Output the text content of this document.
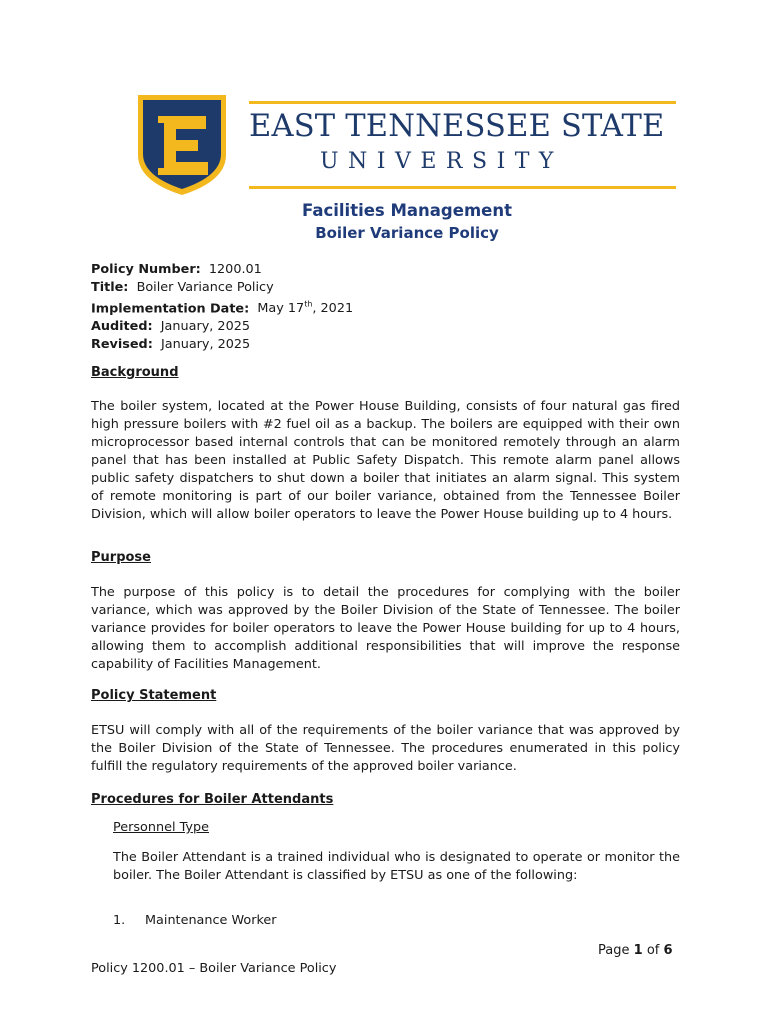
EAST TENNESSEE STATE
UNIVERSITY
Facilities Management
Boiler Variance Policy
Policy Number: 1200.01
Title: Boiler Variance Policy
Implementation Date: May 17th, 2021
Audited: January, 2025
Revised: January, 2025
Background

The boiler system, located at the Power House Building, consists of four natural gas fired high pressure boilers with #2 fuel oil as a backup. The boilers are equipped with their own microprocessor based internal controls that can be monitored remotely through an alarm panel that has been installed at Public Safety Dispatch. This remote alarm panel allows public safety dispatchers to shut down a boiler that initiates an alarm signal. This system of remote monitoring is part of our boiler variance, obtained from the Tennessee Boiler Division, which will allow boiler operators to leave the Power House building up to 4 hours.

Purpose

The purpose of this policy is to detail the procedures for complying with the boiler variance, which was approved by the Boiler Division of the State of Tennessee. The boiler variance provides for boiler operators to leave the Power House building for up to 4 hours, allowing them to accomplish additional responsibilities that will improve the response capability of Facilities Management.

Policy Statement

ETSU will comply with all of the requirements of the boiler variance that was approved by the Boiler Division of the State of Tennessee. The procedures enumerated in this policy fulfill the regulatory requirements of the approved boiler variance.

Procedures for Boiler Attendants
Personnel Type

The Boiler Attendant is a trained individual who is designated to operate or monitor the boiler. The Boiler Attendant is classified by ETSU as one of the following:

1. Maintenance Worker
Page 1 of 6
Policy 1200.01 – Boiler Variance Policy
